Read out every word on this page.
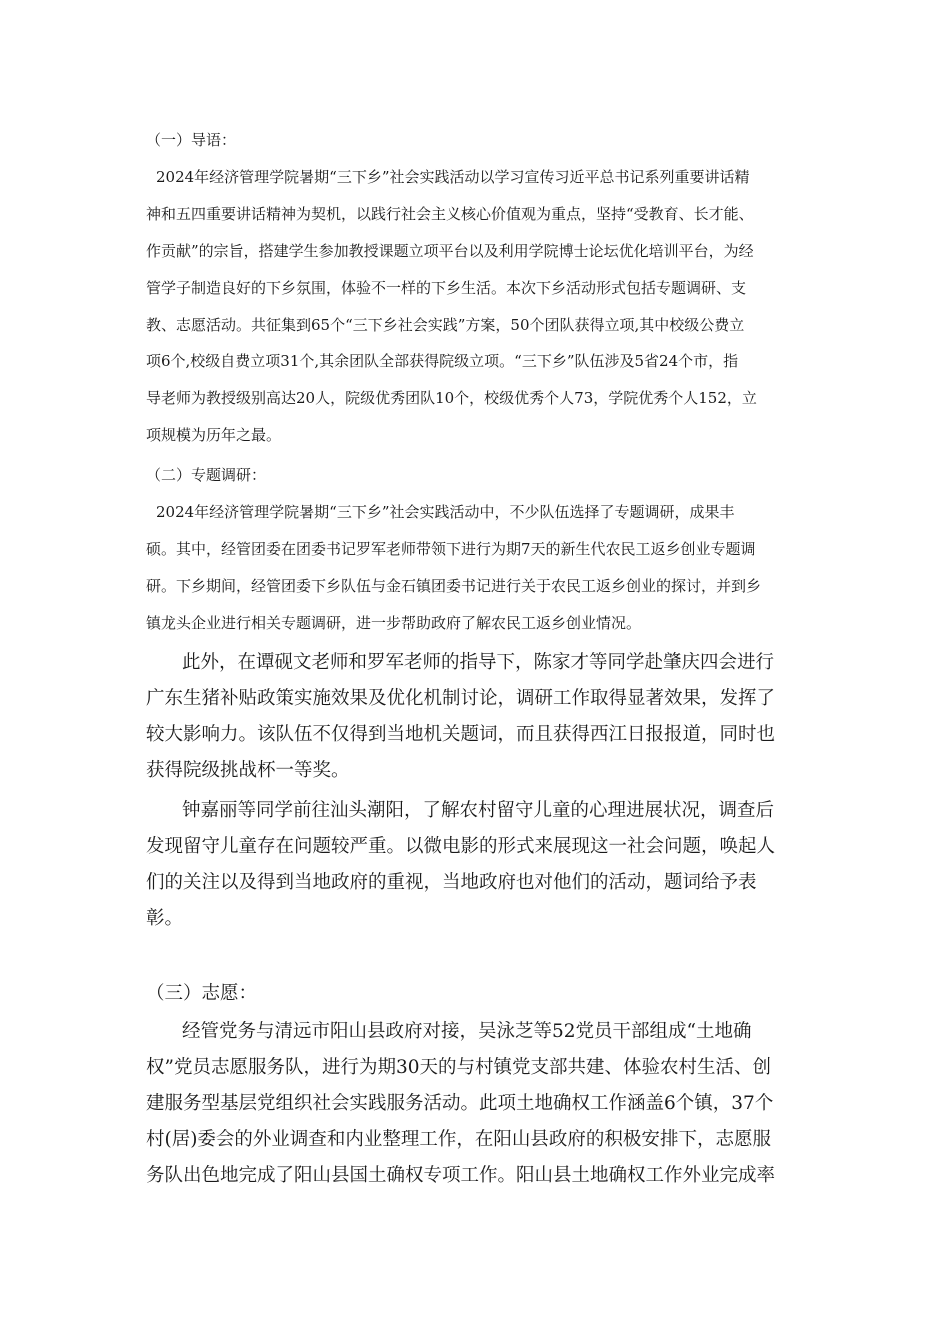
（一）导语：

2024年经济管理学院暑期“三下乡”社会实践活动以学习宣传习近平总书记系列重要讲话精

神和五四重要讲话精神为契机，以践行社会主义核心价值观为重点，坚持“受教育、长才能、

作贡献”的宗旨，搭建学生参加教授课题立项平台以及利用学院博士论坛优化培训平台，为经

管学子制造良好的下乡氛围，体验不一样的下乡生活。本次下乡活动形式包括专题调研、支

教、志愿活动。共征集到65个“三下乡社会实践”方案，50个团队获得立项,其中校级公费立

项6个,校级自费立项31个,其余团队全部获得院级立项。“三下乡”队伍涉及5省24个市，指

导老师为教授级别高达20人，院级优秀团队10个，校级优秀个人73，学院优秀个人152，立

项规模为历年之最。

（二）专题调研：

2024年经济管理学院暑期“三下乡”社会实践活动中，不少队伍选择了专题调研，成果丰

硕。其中，经管团委在团委书记罗军老师带领下进行为期7天的新生代农民工返乡创业专题调

研。下乡期间，经管团委下乡队伍与金石镇团委书记进行关于农民工返乡创业的探讨，并到乡

镇龙头企业进行相关专题调研，进一步帮助政府了解农民工返乡创业情况。

此外，在谭砚文老师和罗军老师的指导下，陈家才等同学赴肇庆四会进行

广东生猪补贴政策实施效果及优化机制讨论，调研工作取得显著效果，发挥了

较大影响力。该队伍不仅得到当地机关题词，而且获得西江日报报道，同时也

获得院级挑战杯一等奖。

钟嘉丽等同学前往汕头潮阳，了解农村留守儿童的心理进展状况，调查后

发现留守儿童存在问题较严重。以微电影的形式来展现这一社会问题，唤起人

们的关注以及得到当地政府的重视，当地政府也对他们的活动，题词给予表

彰。

（三）志愿：

经管党务与清远市阳山县政府对接，吴泳芝等52党员干部组成“土地确

权”党员志愿服务队，进行为期30天的与村镇党支部共建、体验农村生活、创

建服务型基层党组织社会实践服务活动。此项土地确权工作涵盖6个镇，37个

村(居)委会的外业调查和内业整理工作，在阳山县政府的积极安排下，志愿服

务队出色地完成了阳山县国土确权专项工作。阳山县土地确权工作外业完成率
